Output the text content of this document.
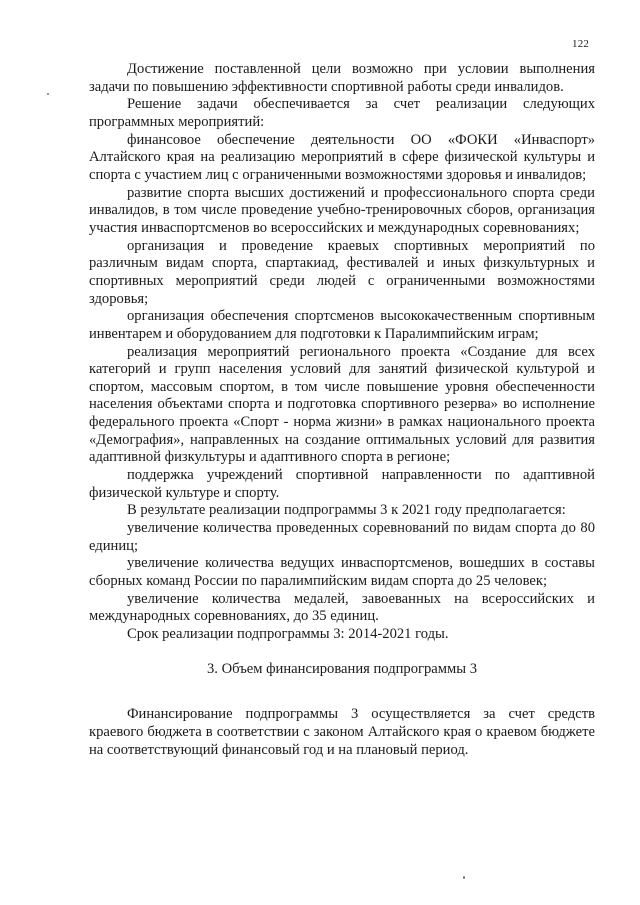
122

Достижение поставленной цели возможно при условии выполнения задачи по повышению эффективности спортивной работы среди инвалидов.

Решение задачи обеспечивается за счет реализации следующих программных мероприятий:

финансовое обеспечение деятельности ОО «ФОКИ «Инваспорт» Алтайского края на реализацию мероприятий в сфере физической культуры и спорта с участием лиц с ограниченными возможностями здоровья и инвалидов;

развитие спорта высших достижений и профессионального спорта среди инвалидов, в том числе проведение учебно-тренировочных сборов, организация участия инваспортсменов во всероссийских и международных соревнованиях;

организация и проведение краевых спортивных мероприятий по различным видам спорта, спартакиад, фестивалей и иных физкультурных и спортивных мероприятий среди людей с ограниченными возможностями здоровья;

организация обеспечения спортсменов высококачественным спортивным инвентарем и оборудованием для подготовки к Паралимпийским играм;

реализация мероприятий регионального проекта «Создание для всех категорий и групп населения условий для занятий физической культурой и спортом, массовым спортом, в том числе повышение уровня обеспеченности населения объектами спорта и подготовка спортивного резерва» во исполнение федерального проекта «Спорт - норма жизни» в рамках национального проекта «Демография», направленных на создание оптимальных условий для развития адаптивной физкультуры и адаптивного спорта в регионе;

поддержка учреждений спортивной направленности по адаптивной физической культуре и спорту.

В результате реализации подпрограммы 3 к 2021 году предполагается:

увеличение количества проведенных соревнований по видам спорта до 80 единиц;

увеличение количества ведущих инваспортсменов, вошедших в составы сборных команд России по паралимпийским видам спорта до 25 человек;

увеличение количества медалей, завоеванных на всероссийских и международных соревнованиях, до 35 единиц.

Срок реализации подпрограммы 3: 2014-2021 годы.

3. Объем финансирования подпрограммы 3

Финансирование подпрограммы 3 осуществляется за счет средств краевого бюджета в соответствии с законом Алтайского края о краевом бюджете на соответствующий финансовый год и на плановый период.
